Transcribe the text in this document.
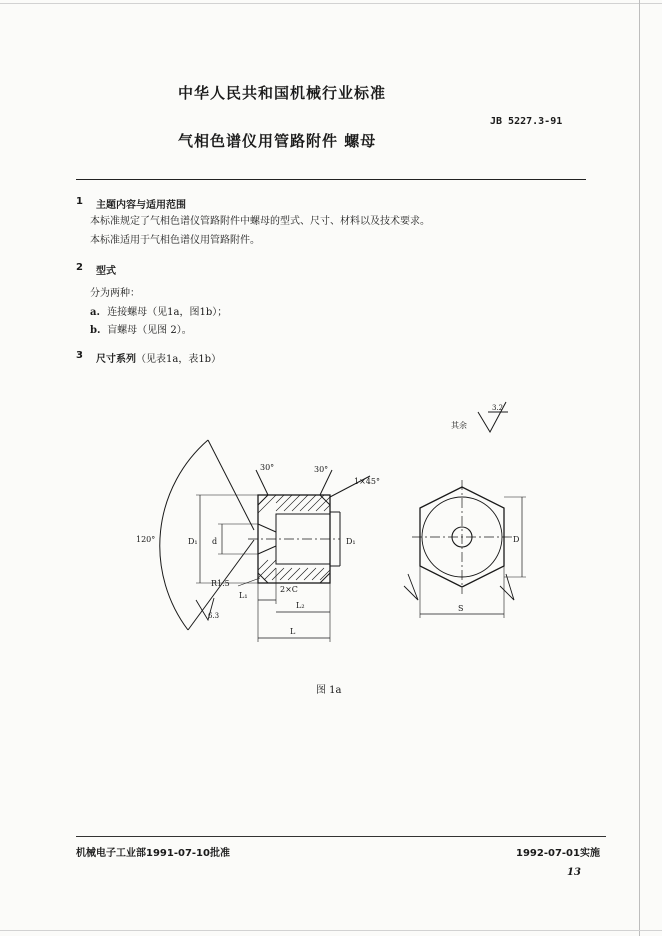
中华人民共和国机械行业标准
JB 5227.3-91
气相色谱仪用管路附件 螺母
1 主题内容与适用范围
本标准规定了气相色谱仪管路附件中螺母的型式、尺寸、材料以及技术要求。
本标准适用于气相色谱仪用管路附件。
2 型式
分为两种：
a. 连接螺母（见1a，图1b）；
b. 盲螺母（见图 2）。
3 尺寸系列（见表1a，表1b）
其余
3.2
30°	30°
1×45°
120°	D₁ d	D₁
R1.5
2×C
L₁
L₂
L
6.3
D
S
图 1a
机械电子工业部1991-07-10批准	1992-07-01实施
13
